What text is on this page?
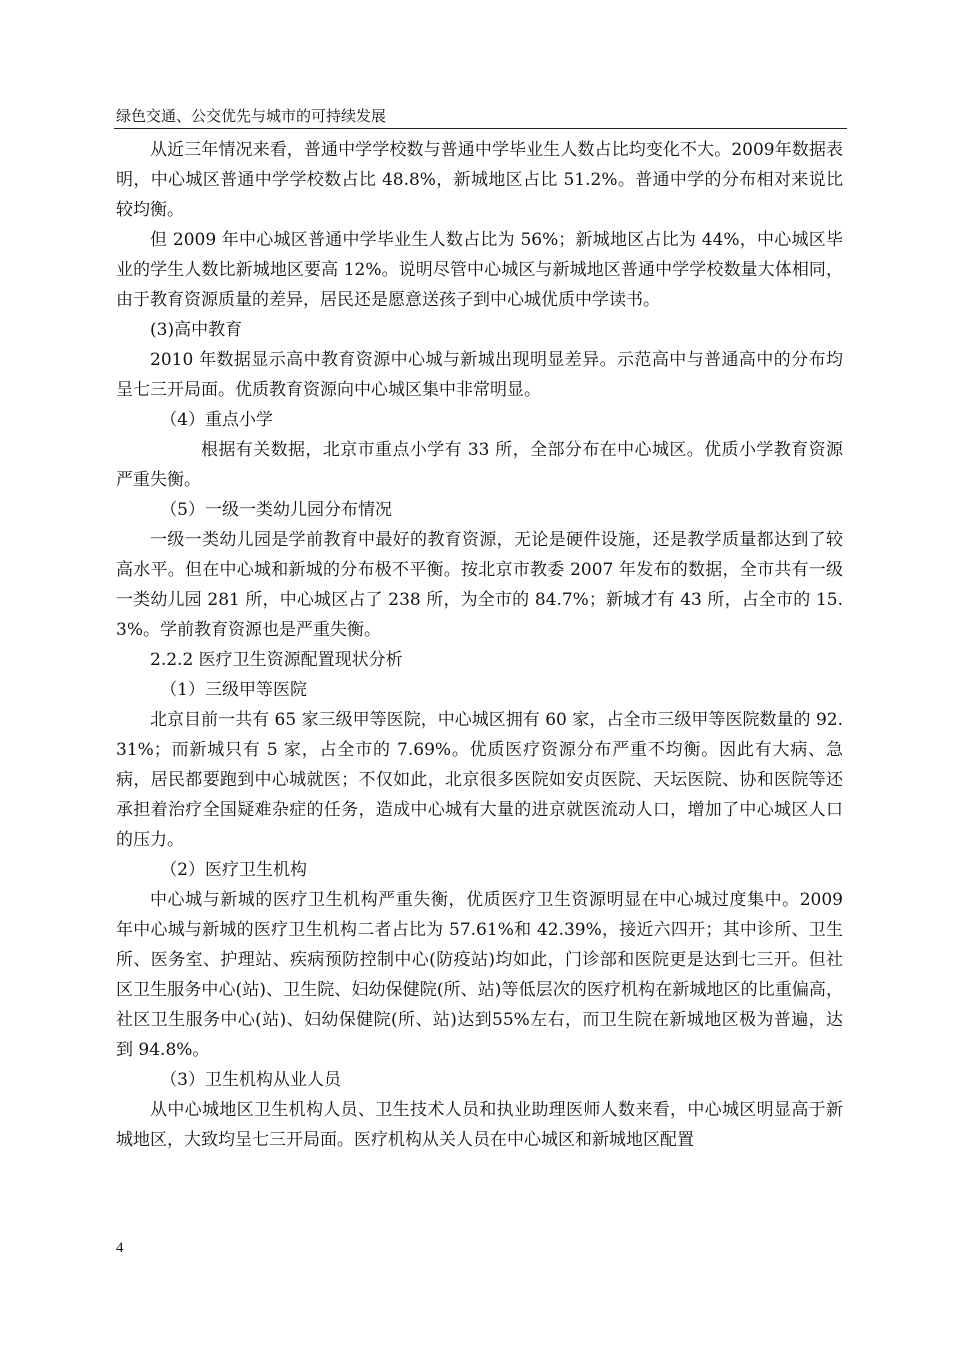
绿色交通、公交优先与城市的可持续发展

从近三年情况来看，普通中学学校数与普通中学毕业生人数占比均变化不大。2009年数据表明，中心城区普通中学学校数占比 48.8%，新城地区占比 51.2%。普通中学的分布相对来说比较均衡。

但 2009 年中心城区普通中学毕业生人数占比为 56%；新城地区占比为 44%，中心城区毕业的学生人数比新城地区要高 12%。说明尽管中心城区与新城地区普通中学学校数量大体相同，由于教育资源质量的差异，居民还是愿意送孩子到中心城优质中学读书。

(3)高中教育

2010 年数据显示高中教育资源中心城与新城出现明显差异。示范高中与普通高中的分布均呈七三开局面。优质教育资源向中心城区集中非常明显。

（4）重点小学

根据有关数据，北京市重点小学有 33 所，全部分布在中心城区。优质小学教育资源严重失衡。

（5）一级一类幼儿园分布情况

一级一类幼儿园是学前教育中最好的教育资源，无论是硬件设施，还是教学质量都达到了较高水平。但在中心城和新城的分布极不平衡。按北京市教委 2007 年发布的数据，全市共有一级一类幼儿园 281 所，中心城区占了 238 所，为全市的 84.7%；新城才有 43 所，占全市的 15.3%。学前教育资源也是严重失衡。

2.2.2 医疗卫生资源配置现状分析

（1）三级甲等医院

北京目前一共有 65 家三级甲等医院，中心城区拥有 60 家，占全市三级甲等医院数量的 92.31%；而新城只有 5 家，占全市的 7.69%。优质医疗资源分布严重不均衡。因此有大病、急病，居民都要跑到中心城就医；不仅如此，北京很多医院如安贞医院、天坛医院、协和医院等还承担着治疗全国疑难杂症的任务，造成中心城有大量的进京就医流动人口，增加了中心城区人口的压力。

（2）医疗卫生机构

中心城与新城的医疗卫生机构严重失衡，优质医疗卫生资源明显在中心城过度集中。2009 年中心城与新城的医疗卫生机构二者占比为 57.61%和 42.39%，接近六四开；其中诊所、卫生所、医务室、护理站、疾病预防控制中心(防疫站)均如此，门诊部和医院更是达到七三开。但社区卫生服务中心(站)、卫生院、妇幼保健院(所、站)等低层次的医疗机构在新城地区的比重偏高，社区卫生服务中心(站)、妇幼保健院(所、站)达到55%左右，而卫生院在新城地区极为普遍，达到 94.8%。

（3）卫生机构从业人员

从中心城地区卫生机构人员、卫生技术人员和执业助理医师人数来看，中心城区明显高于新城地区，大致均呈七三开局面。医疗机构从关人员在中心城区和新城地区配置

4
